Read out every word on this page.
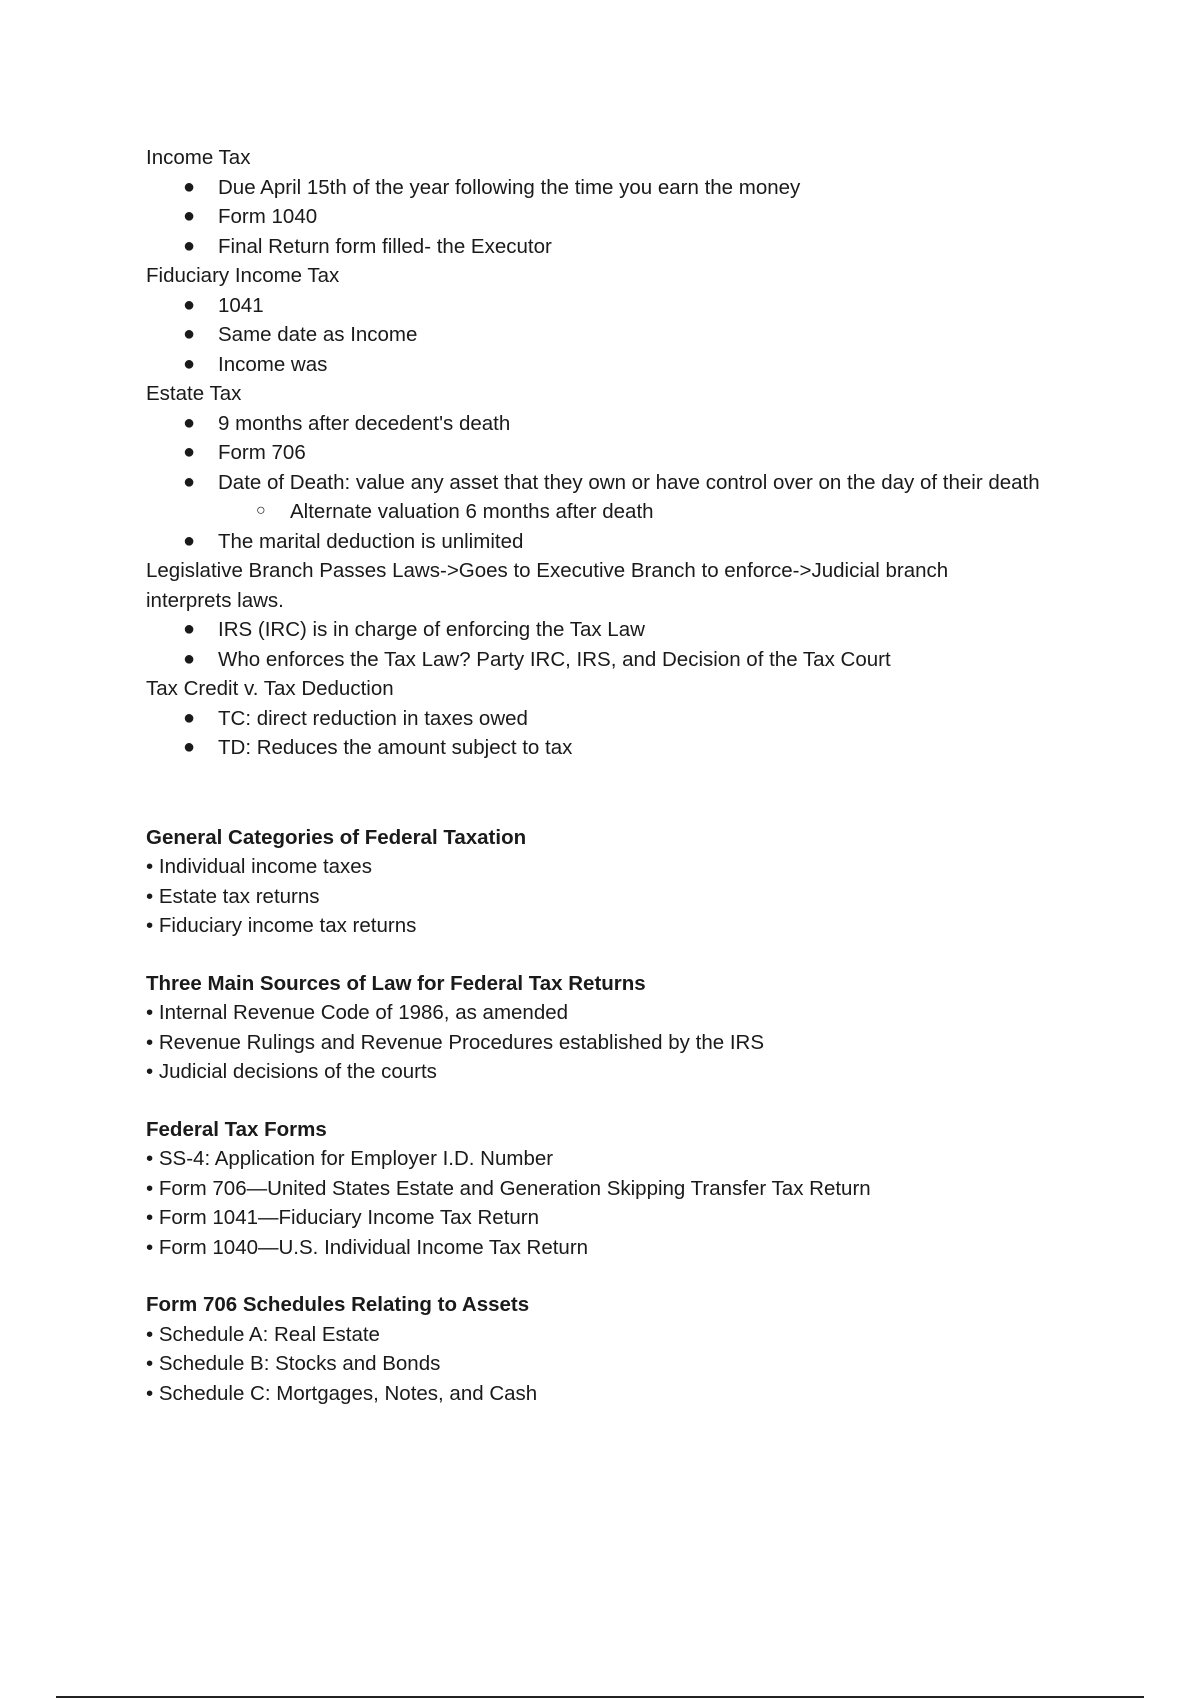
Income Tax

● Due April 15th of the year following the time you earn the money
● Form 1040
● Final Return form filled- the Executor

Fiduciary Income Tax

● 1041
● Same date as Income
● Income was

Estate Tax

● 9 months after decedent's death
● Form 706
● Date of Death: value any asset that they own or have control over on the day of their death
○ Alternate valuation 6 months after death
● The marital deduction is unlimited

Legislative Branch Passes Laws->Goes to Executive Branch to enforce->Judicial branch interprets laws.

● IRS (IRC) is in charge of enforcing the Tax Law
● Who enforces the Tax Law? Party IRC, IRS, and Decision of the Tax Court

Tax Credit v. Tax Deduction

● TC: direct reduction in taxes owed
● TD: Reduces the amount subject to tax

General Categories of Federal Taxation

• Individual income taxes

• Estate tax returns

• Fiduciary income tax returns

Three Main Sources of Law for Federal Tax Returns

• Internal Revenue Code of 1986, as amended

• Revenue Rulings and Revenue Procedures established by the IRS

• Judicial decisions of the courts

Federal Tax Forms

• SS-4: Application for Employer I.D. Number

• Form 706—United States Estate and Generation Skipping Transfer Tax Return

• Form 1041—Fiduciary Income Tax Return

• Form 1040—U.S. Individual Income Tax Return

Form 706 Schedules Relating to Assets

• Schedule A: Real Estate

• Schedule B: Stocks and Bonds

• Schedule C: Mortgages, Notes, and Cash
